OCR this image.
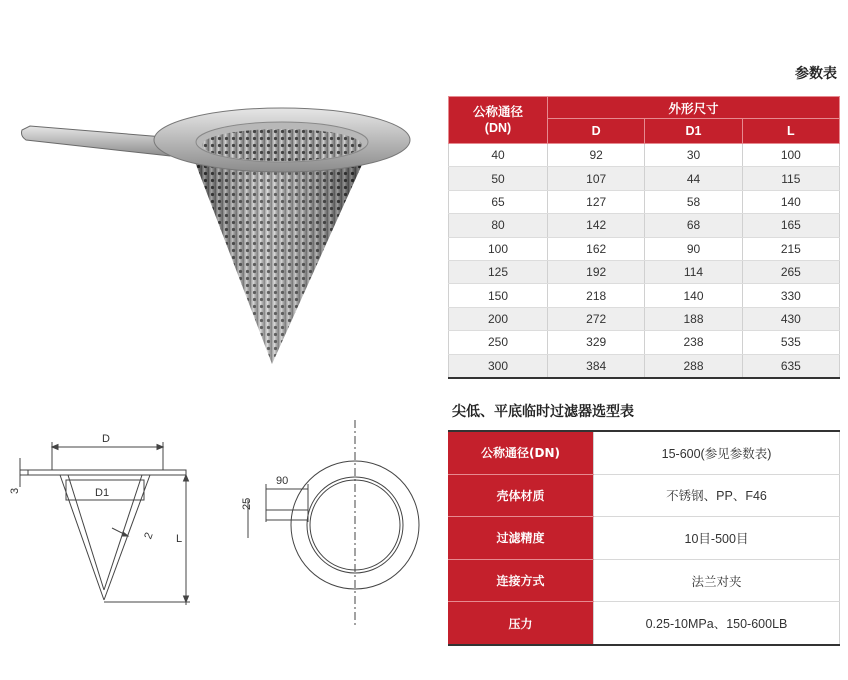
参数表
公称通径
(DN)	外形尺寸		
	D	D1	L
40	92	30	100
50	107	44	115
65	127	58	140
80	142	68	165
100	162	90	215
125	192	114	265
150	218	140	330
200	272	188	430
250	329	238	535
300	384	288	635
D
D1
L
3
2
90
25
尖低、平底临时过滤器选型表
公称通径(DN)	15-600(参见参数表)
壳体材质	不锈钢、PP、F46
过滤精度	10目-500目
连接方式	法兰对夹
压力	0.25-10MPa、150-600LB
